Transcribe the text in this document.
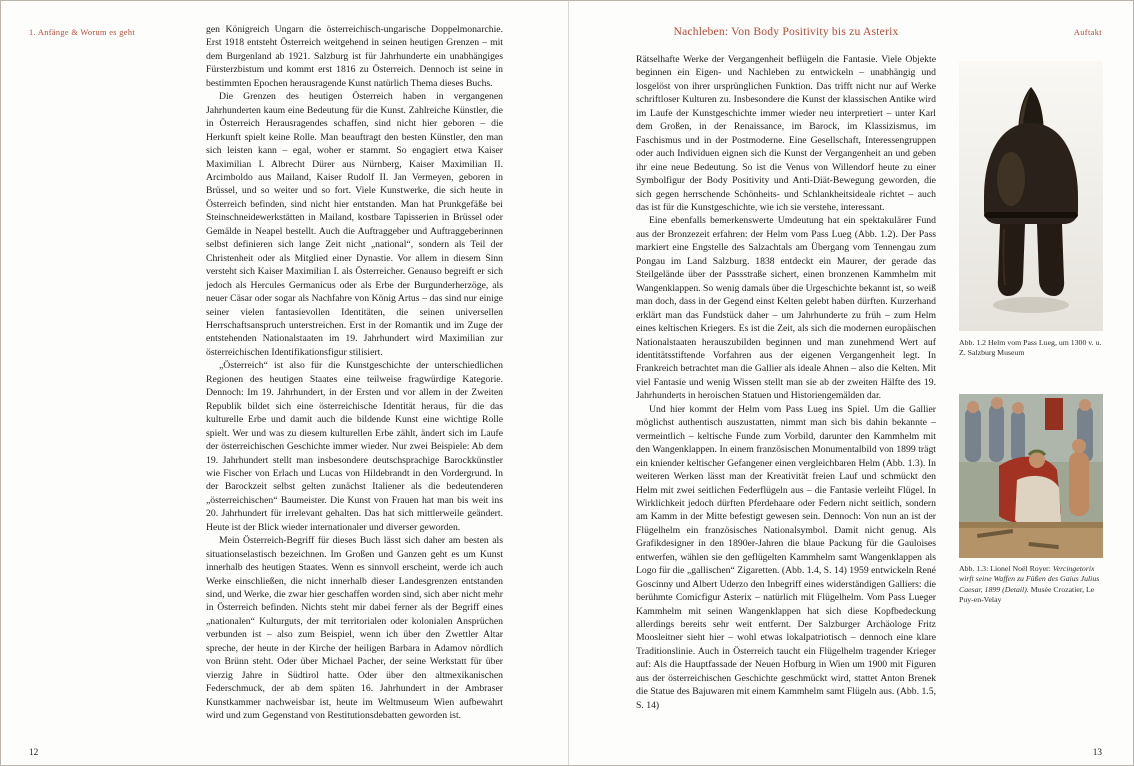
1. Anfänge & Worum es geht	gen Königreich Ungarn die österreichisch-ungarische Doppelmonarchie. Erst 1918 entsteht Österreich weitgehend in seinen heutigen Grenzen – mit dem Burgenland ab 1921. Salzburg ist für Jahrhunderte ein unabhängiges Fürsterzbistum und kommt erst 1816 zu Österreich. Dennoch ist seine in bestimmten Epochen herausragende Kunst natürlich Thema dieses Buchs.

Die Grenzen des heutigen Österreich haben in vergangenen Jahrhunderten kaum eine Bedeutung für die Kunst. Zahlreiche Künstler, die in Österreich Herausragendes schaffen, sind nicht hier geboren – die Herkunft spielt keine Rolle. Man beauftragt den besten Künstler, den man sich leisten kann – egal, woher er stammt. So engagiert etwa Kaiser Maximilian I. Albrecht Dürer aus Nürnberg, Kaiser Maximilian II. Arcimboldo aus Mailand, Kaiser Rudolf II. Jan Vermeyen, geboren in Brüssel, und so weiter und so fort. Viele Kunstwerke, die sich heute in Österreich befinden, sind nicht hier entstanden. Man hat Prunkgefäße bei Steinschneidewerkstätten in Mailand, kostbare Tapisserien in Brüssel oder Gemälde in Neapel bestellt. Auch die Auftraggeber und Auftraggeberinnen selbst definieren sich lange Zeit nicht „national“, sondern als Teil der Christenheit oder als Mitglied einer Dynastie. Vor allem in diesem Sinn versteht sich Kaiser Maximilian I. als Österreicher. Genauso begreift er sich jedoch als Hercules Germanicus oder als Erbe der Burgunderherzöge, als neuer Cäsar oder sogar als Nachfahre von König Artus – das sind nur einige seiner vielen fantasievollen Identitäten, die seinen universellen Herrschaftsanspruch unterstreichen. Erst in der Romantik und im Zuge der entstehenden Nationalstaaten im 19. Jahrhundert wird Maximilian zur österreichischen Identifikationsfigur stilisiert.

„Österreich“ ist also für die Kunstgeschichte der unterschiedlichen Regionen des heutigen Staates eine teilweise fragwürdige Kategorie. Dennoch: Im 19. Jahrhundert, in der Ersten und vor allem in der Zweiten Republik bildet sich eine österreichische Identität heraus, für die das kulturelle Erbe und damit auch die bildende Kunst eine wichtige Rolle spielt. Wer und was zu diesem kulturellen Erbe zählt, ändert sich im Laufe der österreichischen Geschichte immer wieder. Nur zwei Beispiele: Ab dem 19. Jahrhundert stellt man insbesondere deutschsprachige Barockkünstler wie Fischer von Erlach und Lucas von Hildebrandt in den Vordergrund. In der Barockzeit selbst gelten zunächst Italiener als die bedeutenderen „österreichischen“ Baumeister. Die Kunst von Frauen hat man bis weit ins 20. Jahrhundert für irrelevant gehalten. Das hat sich mittlerweile geändert. Heute ist der Blick wieder internationaler und diverser geworden.

Mein Österreich-Begriff für dieses Buch lässt sich daher am besten als situationselastisch bezeichnen. Im Großen und Ganzen geht es um Kunst innerhalb des heutigen Staates. Wenn es sinnvoll erscheint, werde ich auch Werke einschließen, die nicht innerhalb dieser Landesgrenzen entstanden sind, und Werke, die zwar hier geschaffen worden sind, sich aber nicht mehr in Österreich befinden. Nichts steht mir dabei ferner als der Begriff eines „nationalen“ Kulturguts, der mit territorialen oder kolonialen Ansprüchen verbunden ist – also zum Beispiel, wenn ich über den Zwettler Altar spreche, der heute in der Kirche der heiligen Barbara in Adamov nördlich von Brünn steht. Oder über Michael Pacher, der seine Werkstatt für über vierzig Jahre in Südtirol hatte. Oder über den altmexikanischen Federschmuck, der ab dem späten 16. Jahrhundert in der Ambraser Kunstkammer nachweisbar ist, heute im Weltmuseum Wien aufbewahrt wird und zum Gegenstand von Restitutionsdebatten geworden ist.

12
Nachleben: Von Body Positivity bis zu Asterix	Auftakt

Rätselhafte Werke der Vergangenheit beflügeln die Fantasie. Viele Objekte beginnen ein Eigen- und Nachleben zu entwickeln – unabhängig und losgelöst von ihrer ursprünglichen Funktion. Das trifft nicht nur auf Werke schriftloser Kulturen zu. Insbesondere die Kunst der klassischen Antike wird im Laufe der Kunstgeschichte immer wieder neu interpretiert – unter Karl dem Großen, in der Renaissance, im Barock, im Klassizismus, im Faschismus und in der Postmoderne. Eine Gesellschaft, Interessengruppen oder auch Individuen eignen sich die Kunst der Vergangenheit an und geben ihr eine neue Bedeutung. So ist die Venus von Willendorf heute zu einer Symbolfigur der Body Positivity und Anti-Diät-Bewegung geworden, die sich gegen herrschende Schönheits- und Schlankheitsideale richtet – auch das ist für die Kunstgeschichte, wie ich sie verstehe, interessant.

Eine ebenfalls bemerkenswerte Umdeutung hat ein spektakulärer Fund aus der Bronzezeit erfahren: der Helm vom Pass Lueg (Abb. 1.2). Der Pass markiert eine Engstelle des Salzachtals am Übergang vom Tennengau zum Pongau im Land Salzburg. 1838 entdeckt ein Maurer, der gerade das Steilgelände über der Passstraße sichert, einen bronzenen Kammhelm mit Wangenklappen. So wenig damals über die Urgeschichte bekannt ist, so weiß man doch, dass in der Gegend einst Kelten gelebt haben dürften. Kurzerhand erklärt man das Fundstück daher – um Jahrhunderte zu früh – zum Helm eines keltischen Kriegers. Es ist die Zeit, als sich die modernen europäischen Nationalstaaten herauszubilden beginnen und man zunehmend Wert auf identitätsstiftende Vorfahren aus der eigenen Vergangenheit legt. In Frankreich betrachtet man die Gallier als ideale Ahnen – also die Kelten. Mit viel Fantasie und wenig Wissen stellt man sie ab der zweiten Hälfte des 19. Jahrhunderts in heroischen Statuen und Historiengemälden dar.

Und hier kommt der Helm vom Pass Lueg ins Spiel. Um die Gallier möglichst authentisch auszustatten, nimmt man sich bis dahin bekannte – vermeintlich – keltische Funde zum Vorbild, darunter den Kammhelm mit den Wangenklappen. In einem französischen Monumentalbild von 1899 trägt ein kniender keltischer Gefangener einen vergleichbaren Helm (Abb. 1.3). In weiteren Werken lässt man der Kreativität freien Lauf und schmückt den Helm mit zwei seitlichen Federflügeln aus – die Fantasie verleiht Flügel. In Wirklichkeit jedoch dürften Pferdehaare oder Federn nicht seitlich, sondern am Kamm in der Mitte befestigt gewesen sein. Dennoch: Von nun an ist der Flügelhelm ein französisches Nationalsymbol. Damit nicht genug. Als Grafikdesigner in den 1890er-Jahren die blaue Packung für die Gauloises entwerfen, wählen sie den geflügelten Kammhelm samt Wangenklappen als Logo für die „gallischen“ Zigaretten. (Abb. 1.4, S. 14) 1959 entwickeln René Goscinny und Albert Uderzo den Inbegriff eines widerständigen Galliers: die berühmte Comicfigur Asterix – natürlich mit Flügelhelm. Vom Pass Lueger Kammhelm mit seinen Wangenklappen hat sich diese Kopfbedeckung allerdings bereits sehr weit entfernt. Der Salzburger Archäologe Fritz Moosleitner sieht hier – wohl etwas lokalpatriotisch – dennoch eine klare Traditionslinie. Auch in Österreich taucht ein Flügelhelm tragender Krieger auf: Als die Hauptfassade der Neuen Hofburg in Wien um 1900 mit Figuren aus der österreichischen Geschichte geschmückt wird, stattet Anton Brenek die Statue des Bajuwaren mit einem Kammhelm samt Flügeln aus. (Abb. 1.5, S. 14)

Abb. 1.2 Helm vom Pass Lueg, um 1300 v. u. Z. Salzburg Museum
Abb. 1.3: Lionel Noël Royer: Vercingetorix wirft seine Waffen zu Füßen des Gaius Julius Caesar, 1899 (Detail). Musée Crozatier, Le Puy-en-Velay
13
